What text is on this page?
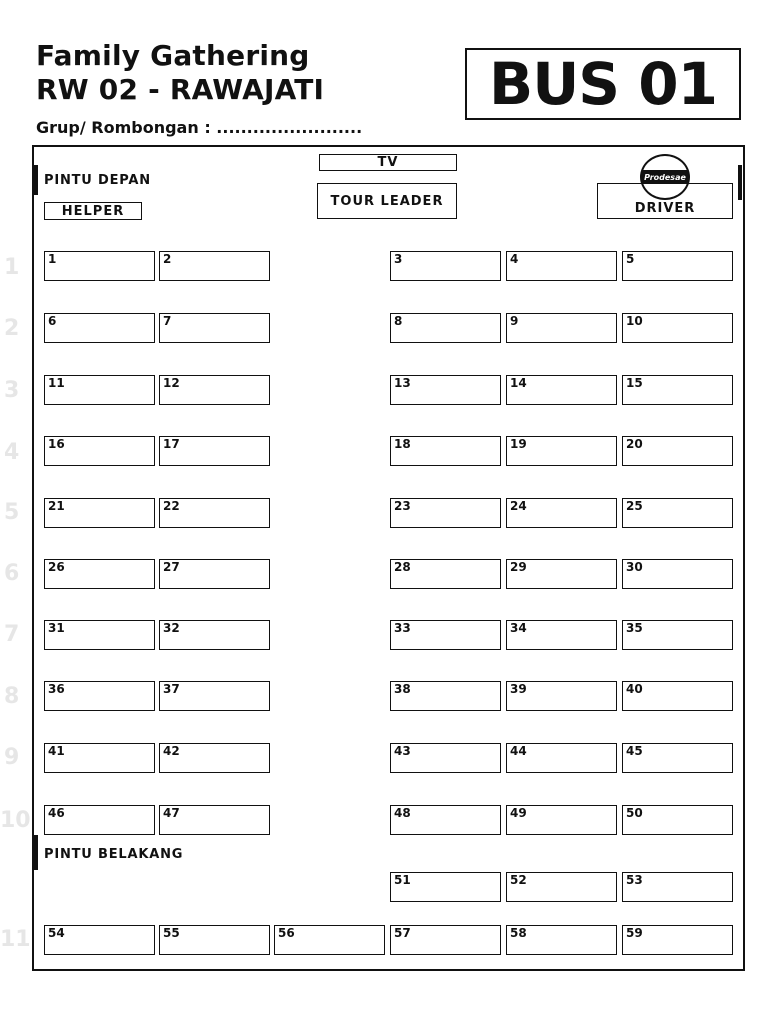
Family Gathering
RW 02 - RAWAJATI
Grup/ Rombongan : ........................
BUS 01
1
2
3
4
5
6
7
8
9
10
11
PINTU DEPAN
HELPER
TV
TOUR LEADER	DRIVER
Prodesae
PINTU BELAKANG
1	2	3	4	5
6	7	8	9	10
11	12	13	14	15
16	17	18	19	20
21	22	23	24	25
26	27	28	29	30
31	32	33	34	35
36	37	38	39	40
41	42	43	44	45
46	47	48	49	50
51	52	53
54	55	56	57	58	59
